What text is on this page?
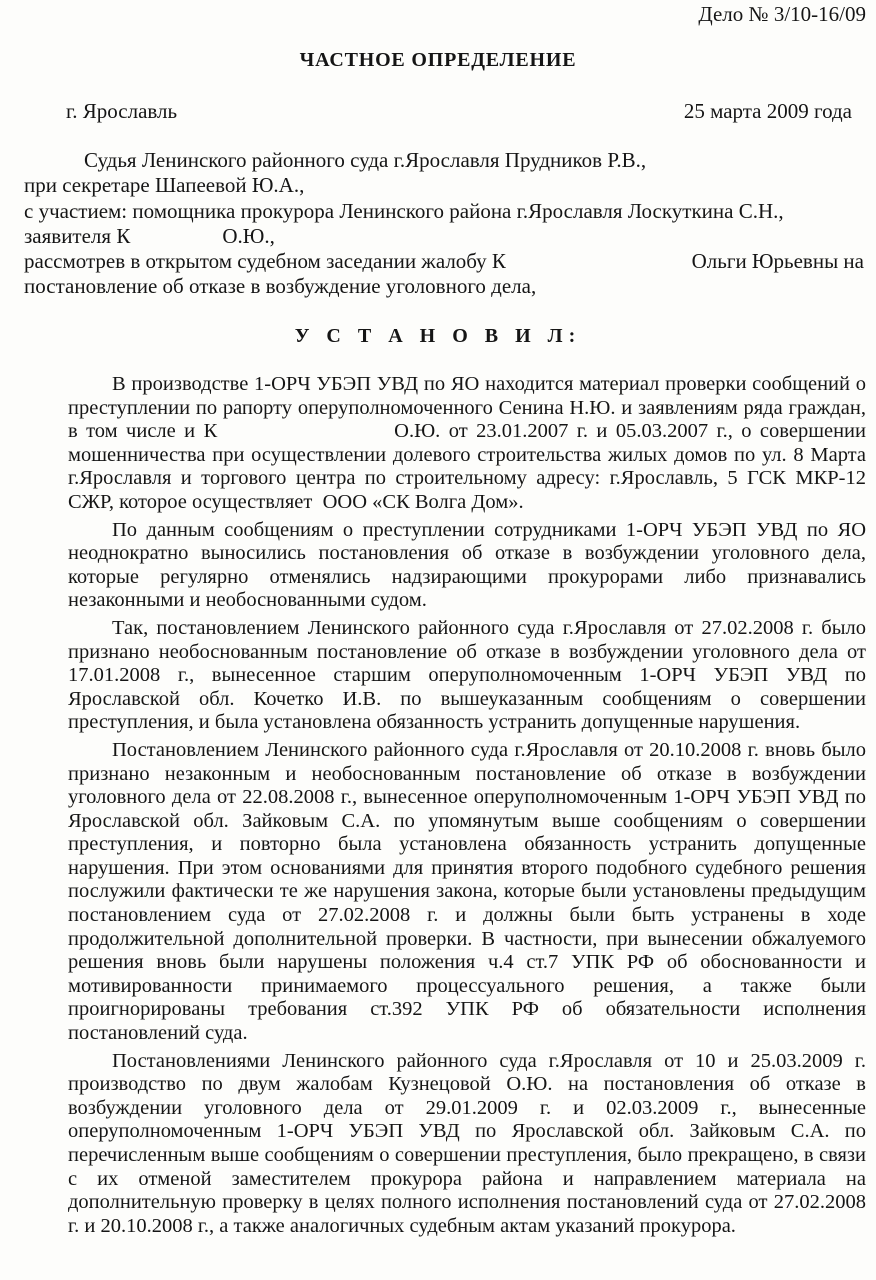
Дело № 3/10-16/09
ЧАСТНОЕ ОПРЕДЕЛЕНИЕ
г. Ярославль	25 марта 2009 года
Судья Ленинского районного суда г.Ярославля Прудников Р.В.,
при секретаре Шапеевой Ю.А.,
с участием: помощника прокурора Ленинского района г.Ярославля Лоскуткина С.Н.,
заявителя К	О.Ю.,
рассмотрев в открытом судебном заседании жалобу К	Ольги Юрьевны на
постановление об отказе в возбуждение уголовного дела,
У С Т А Н О В И Л:
В производстве 1-ОРЧ УБЭП УВД по ЯО находится материал проверки сообщений о
преступлении по рапорту оперуполномоченного Сенина Н.Ю. и заявлениям ряда граждан,
в том числе и К                     О.Ю. от 23.01.2007 г. и 05.03.2007 г., о совершении
мошенничества при осуществлении долевого строительства жилых домов по ул. 8 Марта
г.Ярославля и торгового центра по строительному адресу: г.Ярославль, 5 ГСК МКР-12
СЖР, которое осуществляет  ООО «СК Волга Дом».
По данным сообщениям о преступлении сотрудниками 1-ОРЧ УБЭП УВД по ЯО
неоднократно выносились постановления об отказе в возбуждении уголовного дела,
которые регулярно отменялись надзирающими прокурорами либо признавались
незаконными и необоснованными судом.
Так, постановлением Ленинского районного суда г.Ярославля от 27.02.2008 г. было
признано необоснованным постановление об отказе в возбуждении уголовного дела от
17.01.2008 г., вынесенное старшим оперуполномоченным 1-ОРЧ УБЭП УВД по
Ярославской обл. Кочетко И.В. по вышеуказанным сообщениям о совершении
преступления, и была установлена обязанность устранить допущенные нарушения.
Постановлением Ленинского районного суда г.Ярославля от 20.10.2008 г. вновь было
признано незаконным и необоснованным постановление об отказе в возбуждении
уголовного дела от 22.08.2008 г., вынесенное оперуполномоченным 1-ОРЧ УБЭП УВД по
Ярославской обл. Зайковым С.А. по упомянутым выше сообщениям о совершении
преступления, и повторно была установлена обязанность устранить допущенные
нарушения. При этом основаниями для принятия второго подобного судебного решения
послужили фактически те же нарушения закона, которые были установлены предыдущим
постановлением суда от 27.02.2008 г. и должны были быть устранены в ходе
продолжительной дополнительной проверки. В частности, при вынесении обжалуемого
решения вновь были нарушены положения ч.4 ст.7 УПК РФ об обоснованности и
мотивированности принимаемого процессуального решения, а также были
проигнорированы требования ст.392 УПК РФ об обязательности исполнения
постановлений суда.
Постановлениями Ленинского районного суда г.Ярославля от 10 и 25.03.2009 г.
производство по двум жалобам Кузнецовой О.Ю. на постановления об отказе в
возбуждении уголовного дела от 29.01.2009 г. и 02.03.2009 г., вынесенные
оперуполномоченным 1-ОРЧ УБЭП УВД по Ярославской обл. Зайковым С.А. по
перечисленным выше сообщениям о совершении преступления, было прекращено, в связи
с их отменой заместителем прокурора района и направлением материала на
дополнительную проверку в целях полного исполнения постановлений суда от 27.02.2008
г. и 20.10.2008 г., а также аналогичных судебным актам указаний прокурора.
